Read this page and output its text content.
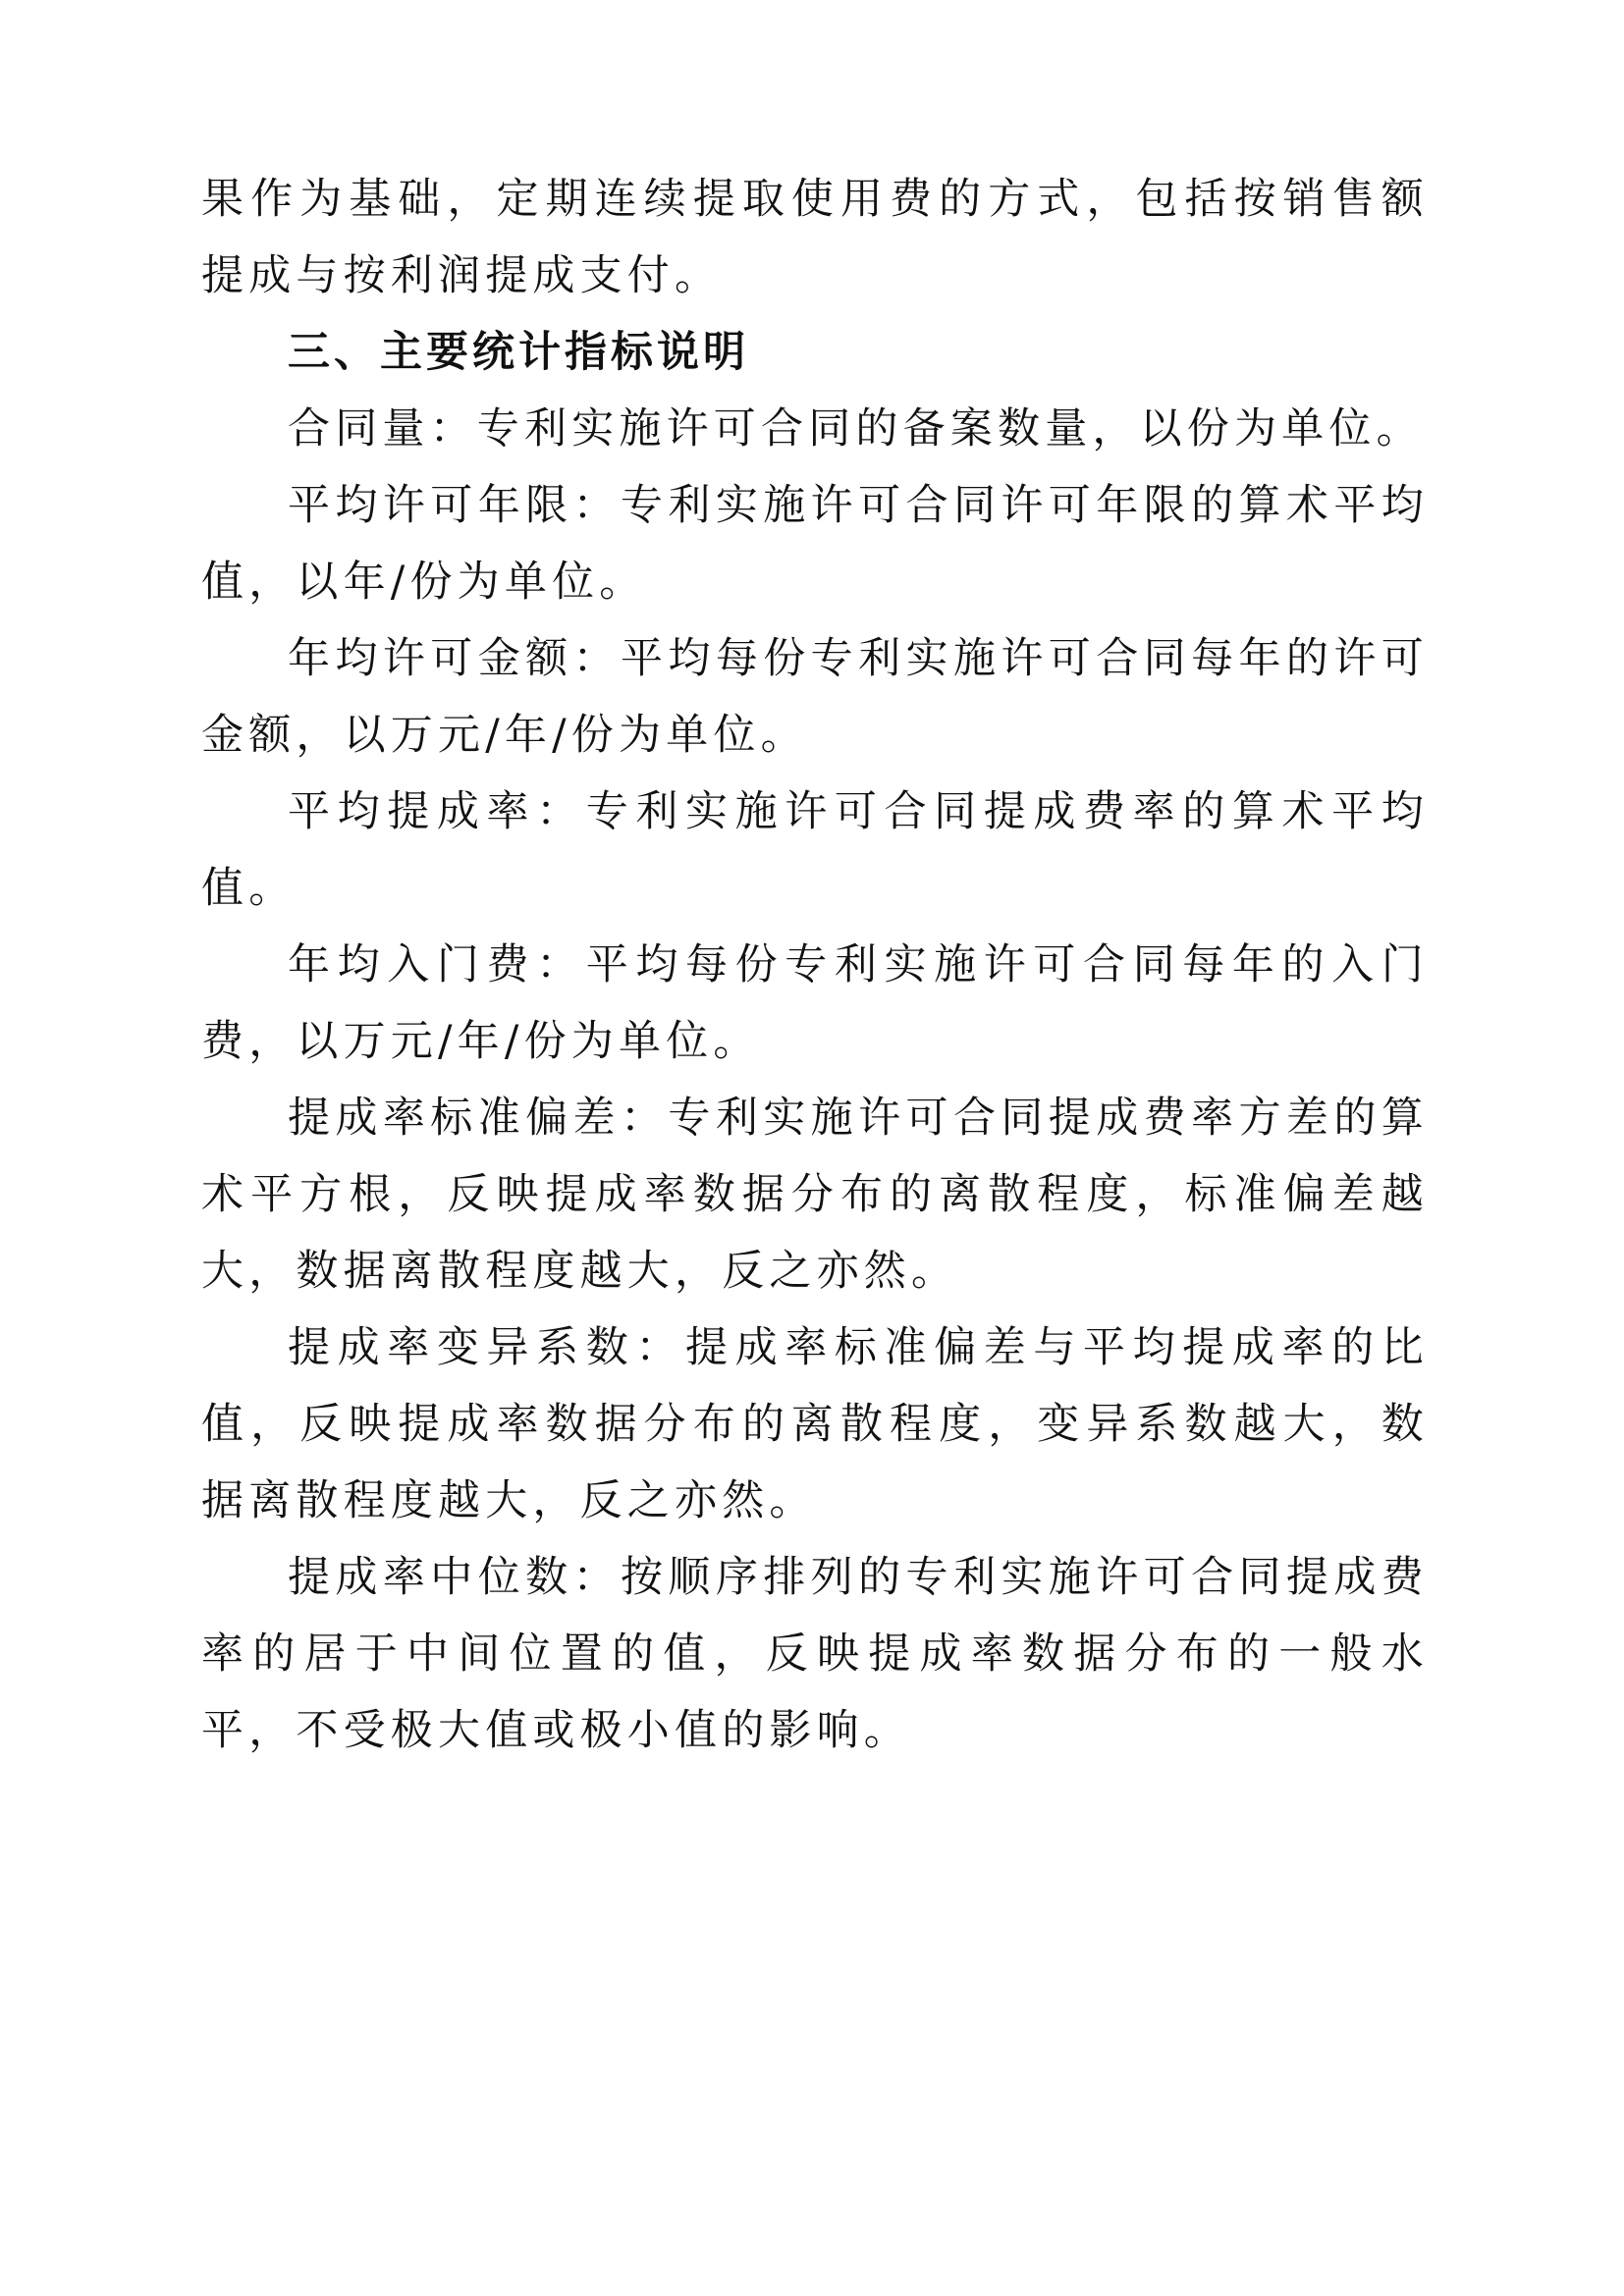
果作为基础，定期连续提取使用费的方式，包括按销售额提成与按利润提成支付。

三、主要统计指标说明

合同量：专利实施许可合同的备案数量，以份为单位。

平均许可年限：专利实施许可合同许可年限的算术平均值，以年/份为单位。

年均许可金额：平均每份专利实施许可合同每年的许可金额，以万元/年/份为单位。

平均提成率：专利实施许可合同提成费率的算术平均值。

年均入门费：平均每份专利实施许可合同每年的入门费，以万元/年/份为单位。

提成率标准偏差：专利实施许可合同提成费率方差的算术平方根，反映提成率数据分布的离散程度，标准偏差越大，数据离散程度越大，反之亦然。

提成率变异系数：提成率标准偏差与平均提成率的比值，反映提成率数据分布的离散程度，变异系数越大，数据离散程度越大，反之亦然。

提成率中位数：按顺序排列的专利实施许可合同提成费率的居于中间位置的值，反映提成率数据分布的一般水平，不受极大值或极小值的影响。
